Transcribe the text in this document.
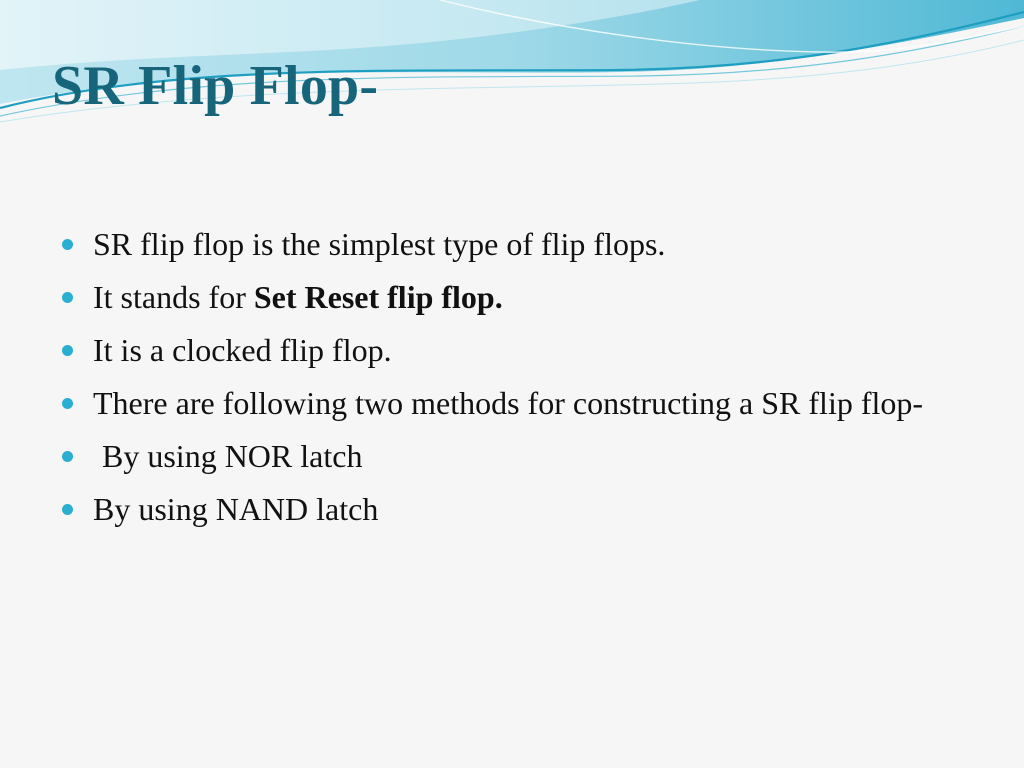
SR Flip Flop-
SR flip flop is the simplest type of flip flops.
It stands for Set Reset flip flop.
It is a clocked flip flop.
There are following two methods for constructing a SR flip flop-
By using NOR latch
By using NAND latch
